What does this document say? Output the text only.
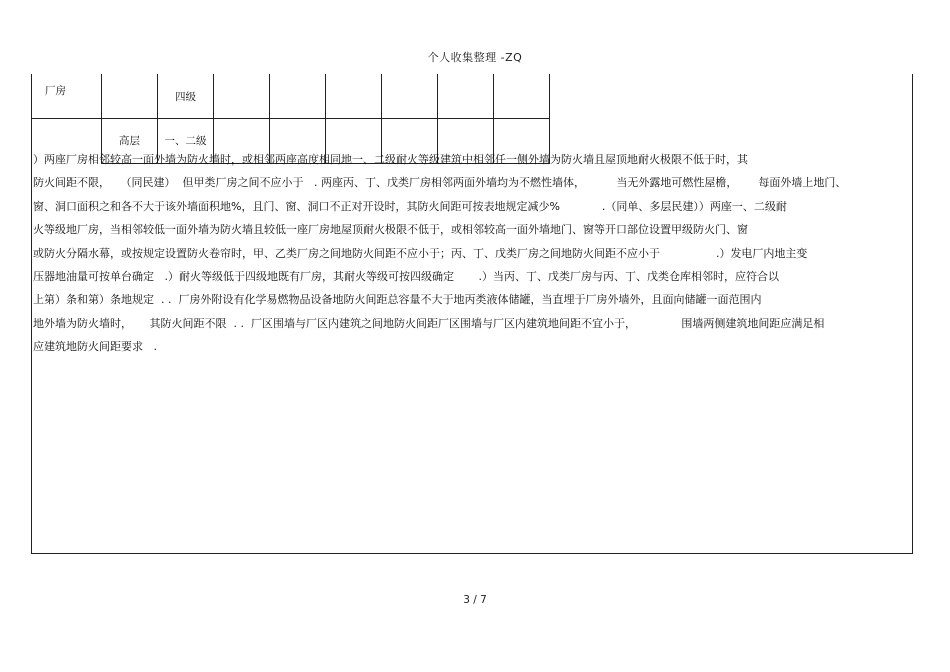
个人收集整理 -ZQ
厂房		四级						
	高层	一、二级						
）两座厂房相邻较高一面外墙为防火墙时，或相邻两座高度相同地一、二级耐火等级建筑中相邻任一侧外墙为防火墙且屋顶地耐火极限不低于时，其
防火间距不限，   （同民建）  但甲类厂房之间不应小于   . 两座丙、丁、戊类厂房相邻两面外墙均为不燃性墙体，         当无外露地可燃性屋檐，      每面外墙上地门、
窗、洞口面积之和各不大于该外墙面积地%，且门、窗、洞口不正对开设时，其防火间距可按表地规定减少%            .（同单、多层民建））两座一、二级耐
火等级地厂房，当相邻较低一面外墙为防火墙且较低一座厂房地屋顶耐火极限不低于，或相邻较高一面外墙地门、窗等开口部位设置甲级防火门、窗
或防火分隔水幕，或按规定设置防火卷帘时，甲、乙类厂房之间地防火间距不应小于；丙、丁、戊类厂房之间地防火间距不应小于                .）发电厂内地主变
压器地油量可按单台确定   .）耐火等级低于四级地既有厂房，其耐火等级可按四级确定       .）当丙、丁、戊类厂房与丙、丁、戊类仓库相邻时，应符合以
上第）条和第）条地规定  . .  厂房外附设有化学易燃物品设备地防火间距总容量不大于地丙类液体储罐，当直埋于厂房外墙外，且面向储罐一面范围内
地外墙为防火墙时，     其防火间距不限  . .  厂区围墙与厂区内建筑之间地防火间距厂区围墙与厂区内建筑地间距不宜小于，             围墙两侧建筑地间距应满足相
应建筑地防火间距要求   .
3 / 7
